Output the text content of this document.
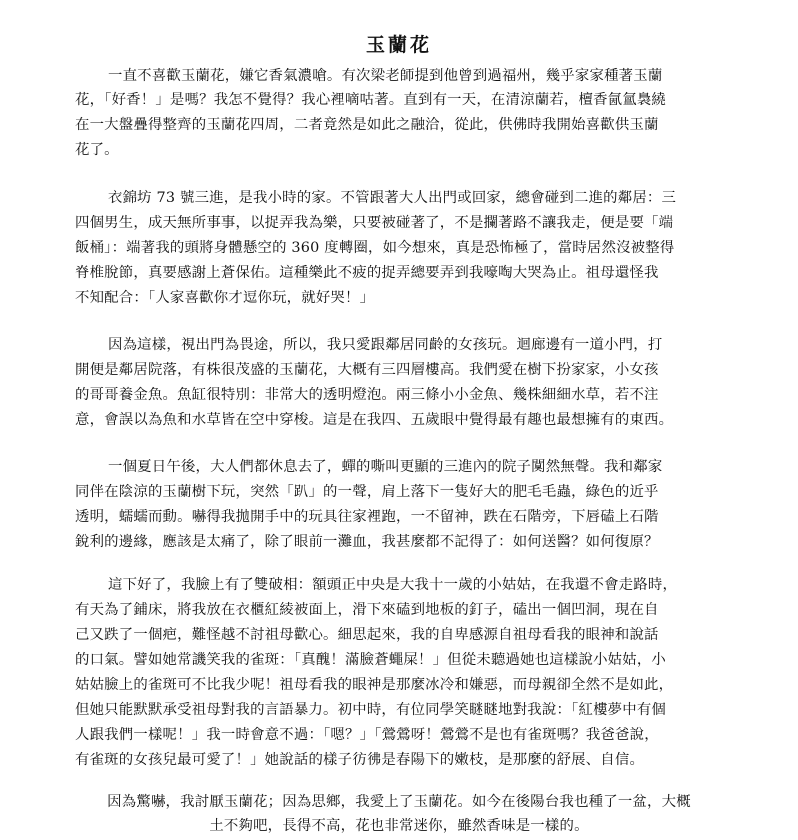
玉蘭花
一直不喜歡玉蘭花，嫌它香氣濃嗆。有次梁老師提到他曾到過福州，幾乎家家種著玉蘭
花，「好香！」是嗎？我怎不覺得？我心裡嘀咕著。直到有一天，在清涼蘭若，檀香氤氳裊繞
在一大盤疊得整齊的玉蘭花四周，二者竟然是如此之融洽，從此，供佛時我開始喜歡供玉蘭
花了。
衣錦坊 73 號三進，是我小時的家。不管跟著大人出門或回家，總會碰到二進的鄰居：三
四個男生，成天無所事事，以捉弄我為樂，只要被碰著了，不是攔著路不讓我走，便是要「端
飯桶」：端著我的頭將身體懸空的 360 度轉圈，如今想來，真是恐怖極了，當時居然沒被整得
脊椎脫節，真要感謝上蒼保佑。這種樂此不疲的捉弄總要弄到我嚎啕大哭為止。祖母還怪我
不知配合：「人家喜歡你才逗你玩，就好哭！」
因為這樣，視出門為畏途，所以，我只愛跟鄰居同齡的女孩玩。迴廊邊有一道小門，打
開便是鄰居院落，有株很茂盛的玉蘭花，大概有三四層樓高。我們愛在樹下扮家家，小女孩
的哥哥養金魚。魚缸很特別：非常大的透明燈泡。兩三條小小金魚、幾株細細水草，若不注
意，會誤以為魚和水草皆在空中穿梭。這是在我四、五歲眼中覺得最有趣也最想擁有的東西。
一個夏日午後，大人們都休息去了，蟬的嘶叫更顯的三進內的院子闃然無聲。我和鄰家
同伴在陰涼的玉蘭樹下玩，突然「趴」的一聲，肩上落下一隻好大的肥毛毛蟲，綠色的近乎
透明，蠕蠕而動。嚇得我拋開手中的玩具往家裡跑，一不留神，跌在石階旁，下唇磕上石階
銳利的邊緣，應該是太痛了，除了眼前一灘血，我甚麼都不記得了：如何送醫？如何復原？
這下好了，我臉上有了雙破相：額頭正中央是大我十一歲的小姑姑，在我還不會走路時，
有天為了鋪床，將我放在衣櫃紅綾被面上，滑下來磕到地板的釘子，磕出一個凹洞，現在自
己又跌了一個疤，難怪越不討祖母歡心。細思起來，我的自卑感源自祖母看我的眼神和說話
的口氣。譬如她常譏笑我的雀斑：「真醜！滿臉蒼蠅屎！」但從未聽過她也這樣說小姑姑，小
姑姑臉上的雀斑可不比我少呢！祖母看我的眼神是那麼冰冷和嫌惡，而母親卻全然不是如此，
但她只能默默承受祖母對我的言語暴力。初中時，有位同學笑瞇瞇地對我說：「紅樓夢中有個
人跟我們一樣呢！」我一時會意不過：「嗯？」「鶯鶯呀！鶯鶯不是也有雀斑嗎？我爸爸說，
有雀斑的女孩兒最可愛了！」她說話的樣子彷彿是春陽下的嫩枝，是那麼的舒展、自信。
因為驚嚇，我討厭玉蘭花；因為思鄉，我愛上了玉蘭花。如今在後陽台我也種了一盆，大概
土不夠吧，長得不高，花也非常迷你，雖然香味是一樣的。
